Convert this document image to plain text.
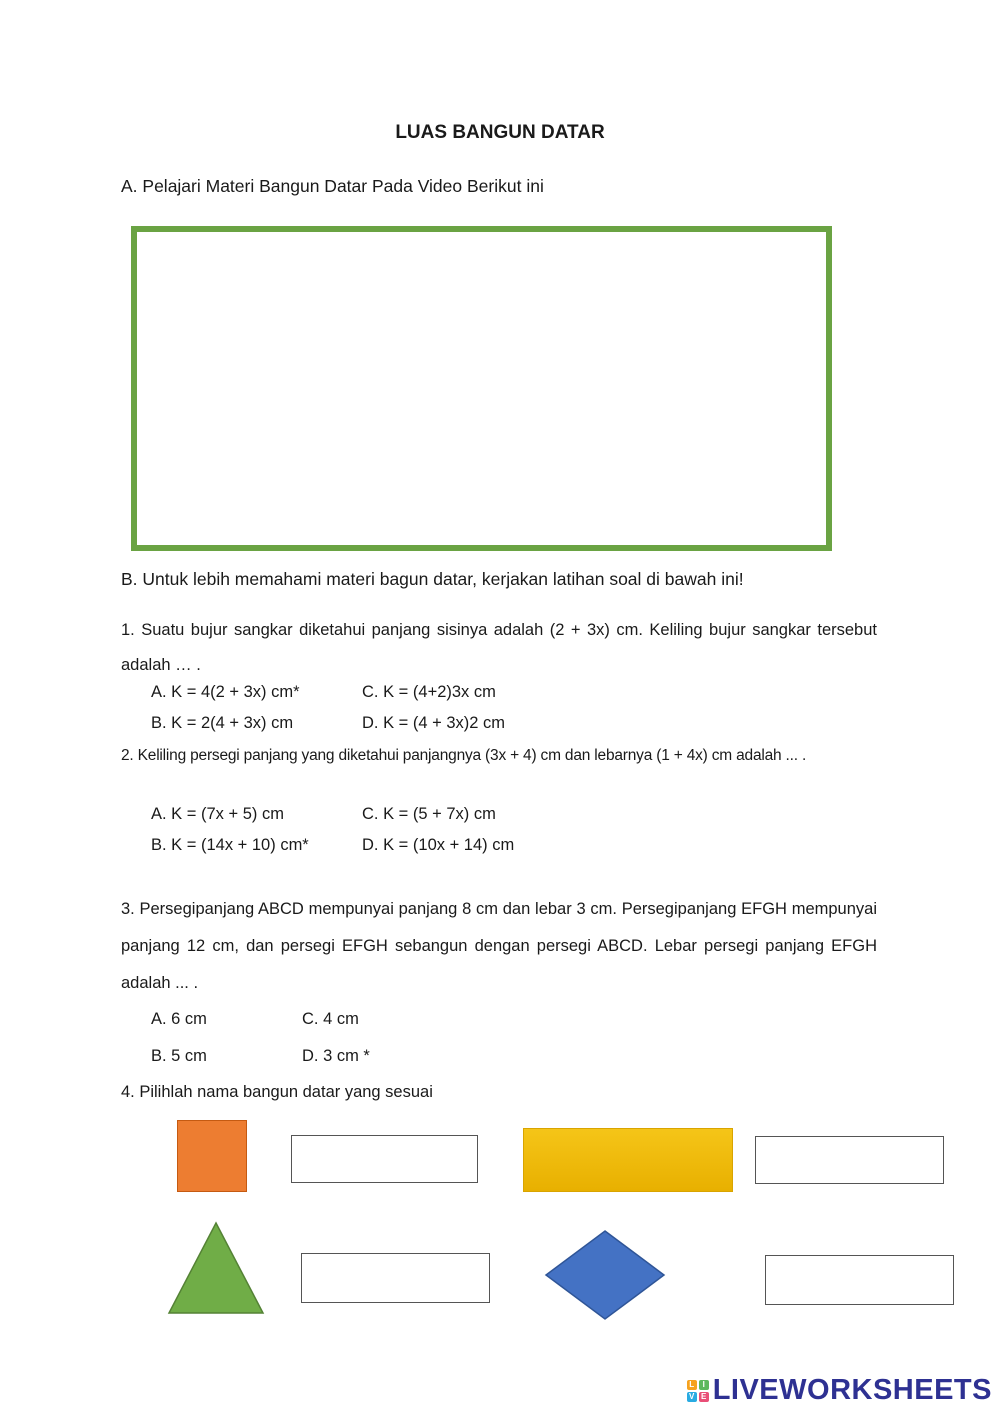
LUAS BANGUN DATAR
A. Pelajari Materi Bangun Datar Pada Video Berikut ini
B. Untuk lebih memahami materi bagun datar, kerjakan latihan soal di bawah ini!
1. Suatu bujur sangkar diketahui panjang sisinya adalah (2 + 3x) cm. Keliling bujur sangkar tersebut adalah … .
A. K = 4(2 + 3x) cm*	C. K = (4+2)3x cm
B. K = 2(4 + 3x) cm	D. K = (4 + 3x)2 cm
2. Keliling persegi panjang yang diketahui panjangnya (3x + 4) cm dan lebarnya (1 + 4x) cm adalah ... .
A. K = (7x + 5) cm	C. K = (5 + 7x) cm
B. K = (14x + 10) cm*	D. K = (10x + 14) cm
3. Persegipanjang ABCD mempunyai panjang 8 cm dan lebar 3 cm. Persegipanjang EFGH mempunyai panjang 12 cm, dan persegi EFGH sebangun dengan persegi ABCD. Lebar persegi panjang EFGH adalah ... .
A. 6 cm	C. 4 cm
B. 5 cm	D. 3 cm *
4. Pilihlah nama bangun datar yang sesuai
L	I
V E LIVEWORKSHEETS
